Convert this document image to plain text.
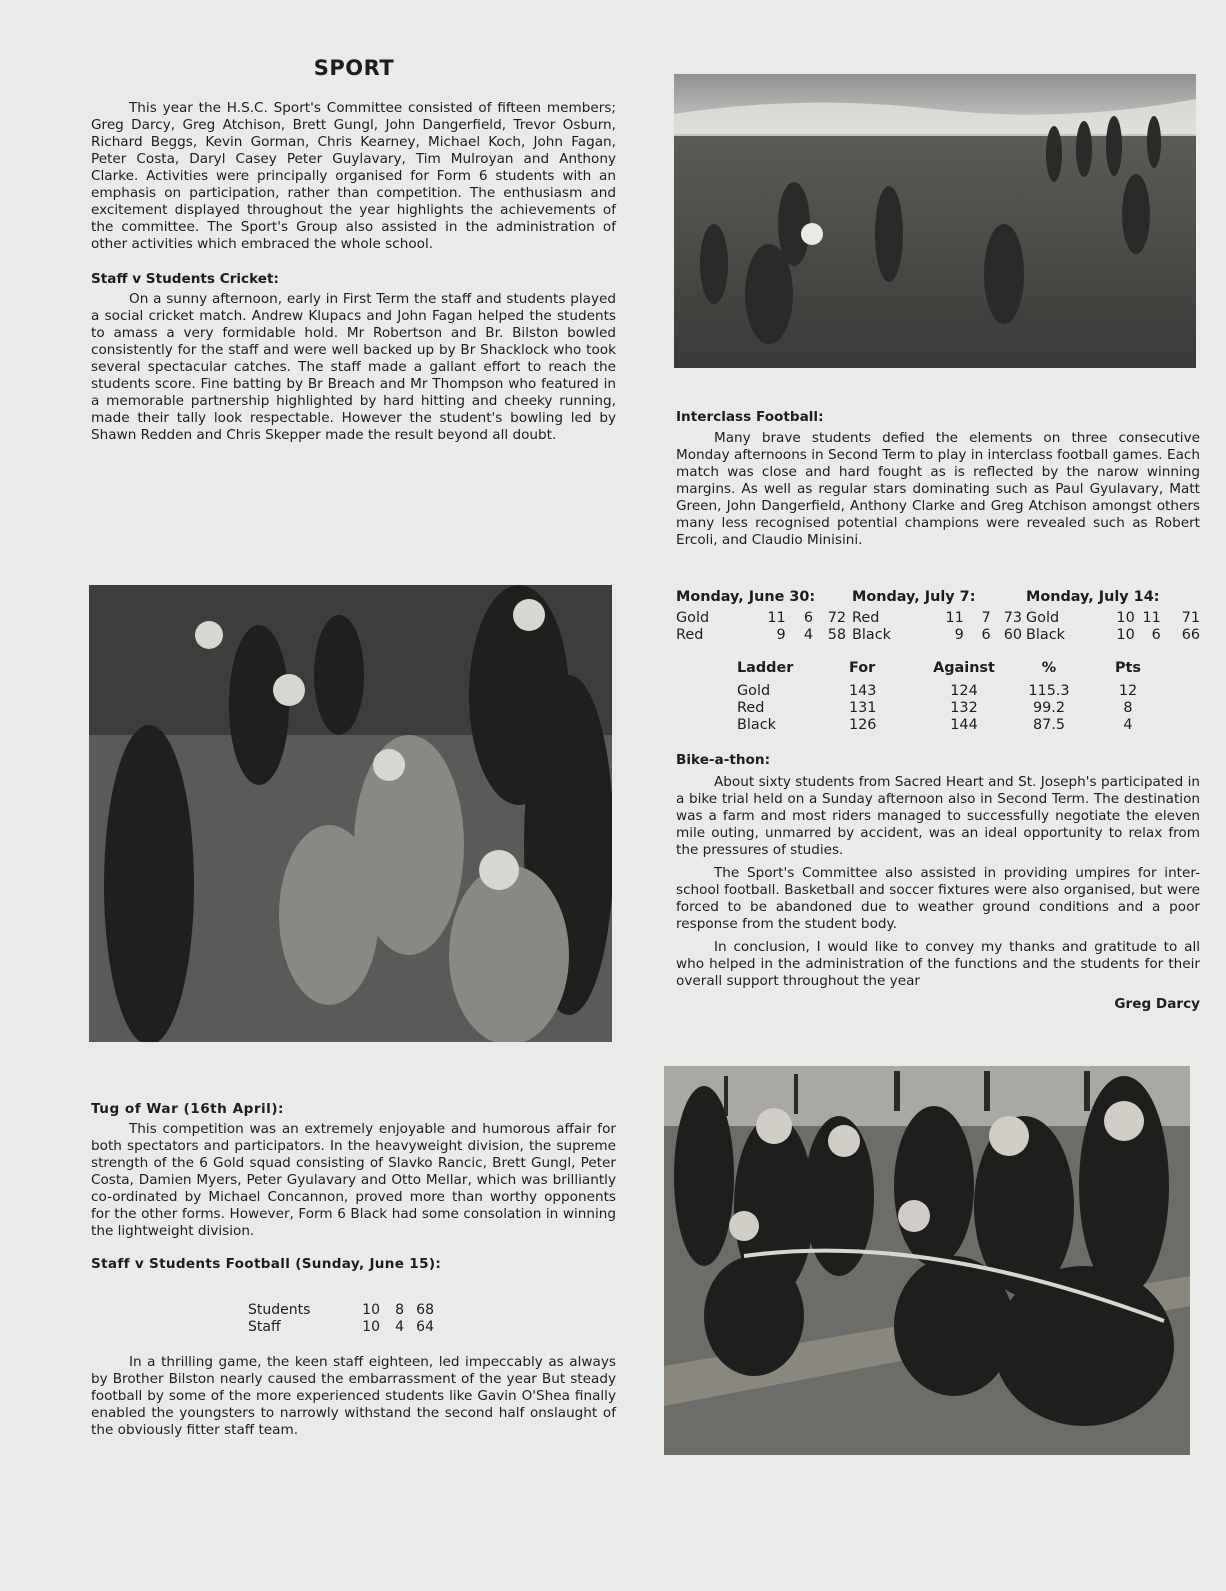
SPORT

This year the H.S.C. Sport's Committee consisted of fifteen members; Greg Darcy, Greg Atchison, Brett Gungl, John Dangerfield, Trevor Osburn, Richard Beggs, Kevin Gorman, Chris Kearney, Michael Koch, John Fagan, Peter Costa, Daryl Casey Peter Guylavary, Tim Mulroyan and Anthony Clarke. Activities were principally organised for Form 6 students with an emphasis on participation, rather than competition. The enthusiasm and excitement displayed throughout the year highlights the achievements of the committee. The Sport's Group also assisted in the administration of other activities which embraced the whole school.

Staff v Students Cricket:

On a sunny afternoon, early in First Term the staff and students played a social cricket match. Andrew Klupacs and John Fagan helped the students to amass a very formidable hold. Mr Robertson and Br. Bilston bowled consistently for the staff and were well backed up by Br Shacklock who took several spectacular catches. The staff made a gallant effort to reach the students score. Fine batting by Br Breach and Mr Thompson who featured in a memorable partnership highlighted by hard hitting and cheeky running, made their tally look respectable. However the student's bowling led by Shawn Redden and Chris Skepper made the result beyond all doubt.

Interclass Football:

Many brave students defied the elements on three consecutive Monday afternoons in Second Term to play in interclass football games. Each match was close and hard fought as is reflected by the narow winning margins. As well as regular stars dominating such as Paul Gyulavary, Matt Green, John Dangerfield, Anthony Clarke and Greg Atchison amongst others many less recognised potential champions were revealed such as Robert Ercoli, and Claudio Minisini.

Monday, June 30:	Monday, July 7:	Monday, July 14:
Gold	11	6	72
Red	9	4	58
Red	11	7	73
Black	9	6	60
Gold	10	11	71
Black	10	6	66
Ladder	For	Against	%	Pts

Gold	143	124	115.3	12
Red	131	132	99.2	8
Black	126	144	87.5	4

Bike-a-thon:

About sixty students from Sacred Heart and St. Joseph's participated in a bike trial held on a Sunday afternoon also in Second Term. The destination was a farm and most riders managed to successfully negotiate the eleven mile outing, unmarred by accident, was an ideal opportunity to relax from the pressures of studies.

The Sport's Committee also assisted in providing umpires for inter-school football. Basketball and soccer fixtures were also organised, but were forced to be abandoned due to weather ground conditions and a poor response from the student body.

In conclusion, I would like to convey my thanks and gratitude to all who helped in the administration of the functions and the students for their overall support throughout the year

Greg Darcy

Tug of War (16th April):

This competition was an extremely enjoyable and humorous affair for both spectators and participators. In the heavyweight division, the supreme strength of the 6 Gold squad consisting of Slavko Rancic, Brett Gungl, Peter Costa, Damien Myers, Peter Gyulavary and Otto Mellar, which was brilliantly co-ordinated by Michael Concannon, proved more than worthy opponents for the other forms. However, Form 6 Black had some consolation in winning the lightweight division.

Staff v Students Football (Sunday, June 15):

Students	10	8	68
Staff	10	4	64

In a thrilling game, the keen staff eighteen, led impeccably as always by Brother Bilston nearly caused the embarrassment of the year But steady football by some of the more experienced students like Gavin O'Shea finally enabled the youngsters to narrowly withstand the second half onslaught of the obviously fitter staff team.
